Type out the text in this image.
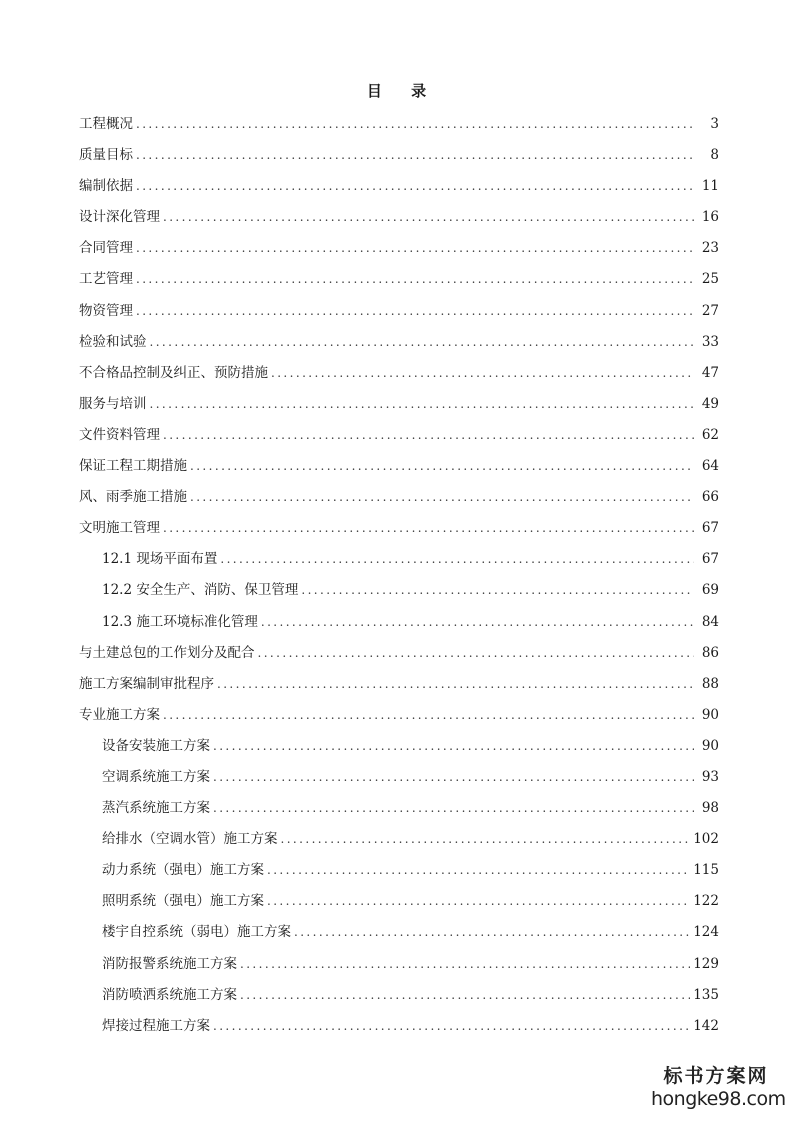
目 录
工程概况 .....	3
质量目标 .....	8
编制依据 .....	11
设计深化管理 .....	16
合同管理 .....	23
工艺管理 .....	25
物资管理 .....	27
检验和试验 .....	33
不合格品控制及纠正、预防措施 .....	47
服务与培训 .....	49
文件资料管理 .....	62
保证工程工期措施 .....	64
风、雨季施工措施 .....	66
文明施工管理 .....	67
12.1 现场平面布置 .....	67
12.2 安全生产、消防、保卫管理 .....	69
12.3 施工环境标准化管理 .....	84
与土建总包的工作划分及配合 .....	86
施工方案编制审批程序 .....	88
专业施工方案 .....	90
设备安装施工方案 .....	90
空调系统施工方案 .....	93
蒸汽系统施工方案 .....	98
给排水（空调水管）施工方案 .....	102
动力系统（强电）施工方案 .....	115
照明系统（强电）施工方案 .....	122
楼宇自控系统（弱电）施工方案 .....	124
消防报警系统施工方案 .....	129
消防喷洒系统施工方案 .....	135
焊接过程施工方案 .....	142
标书方案网
hongke98.com
